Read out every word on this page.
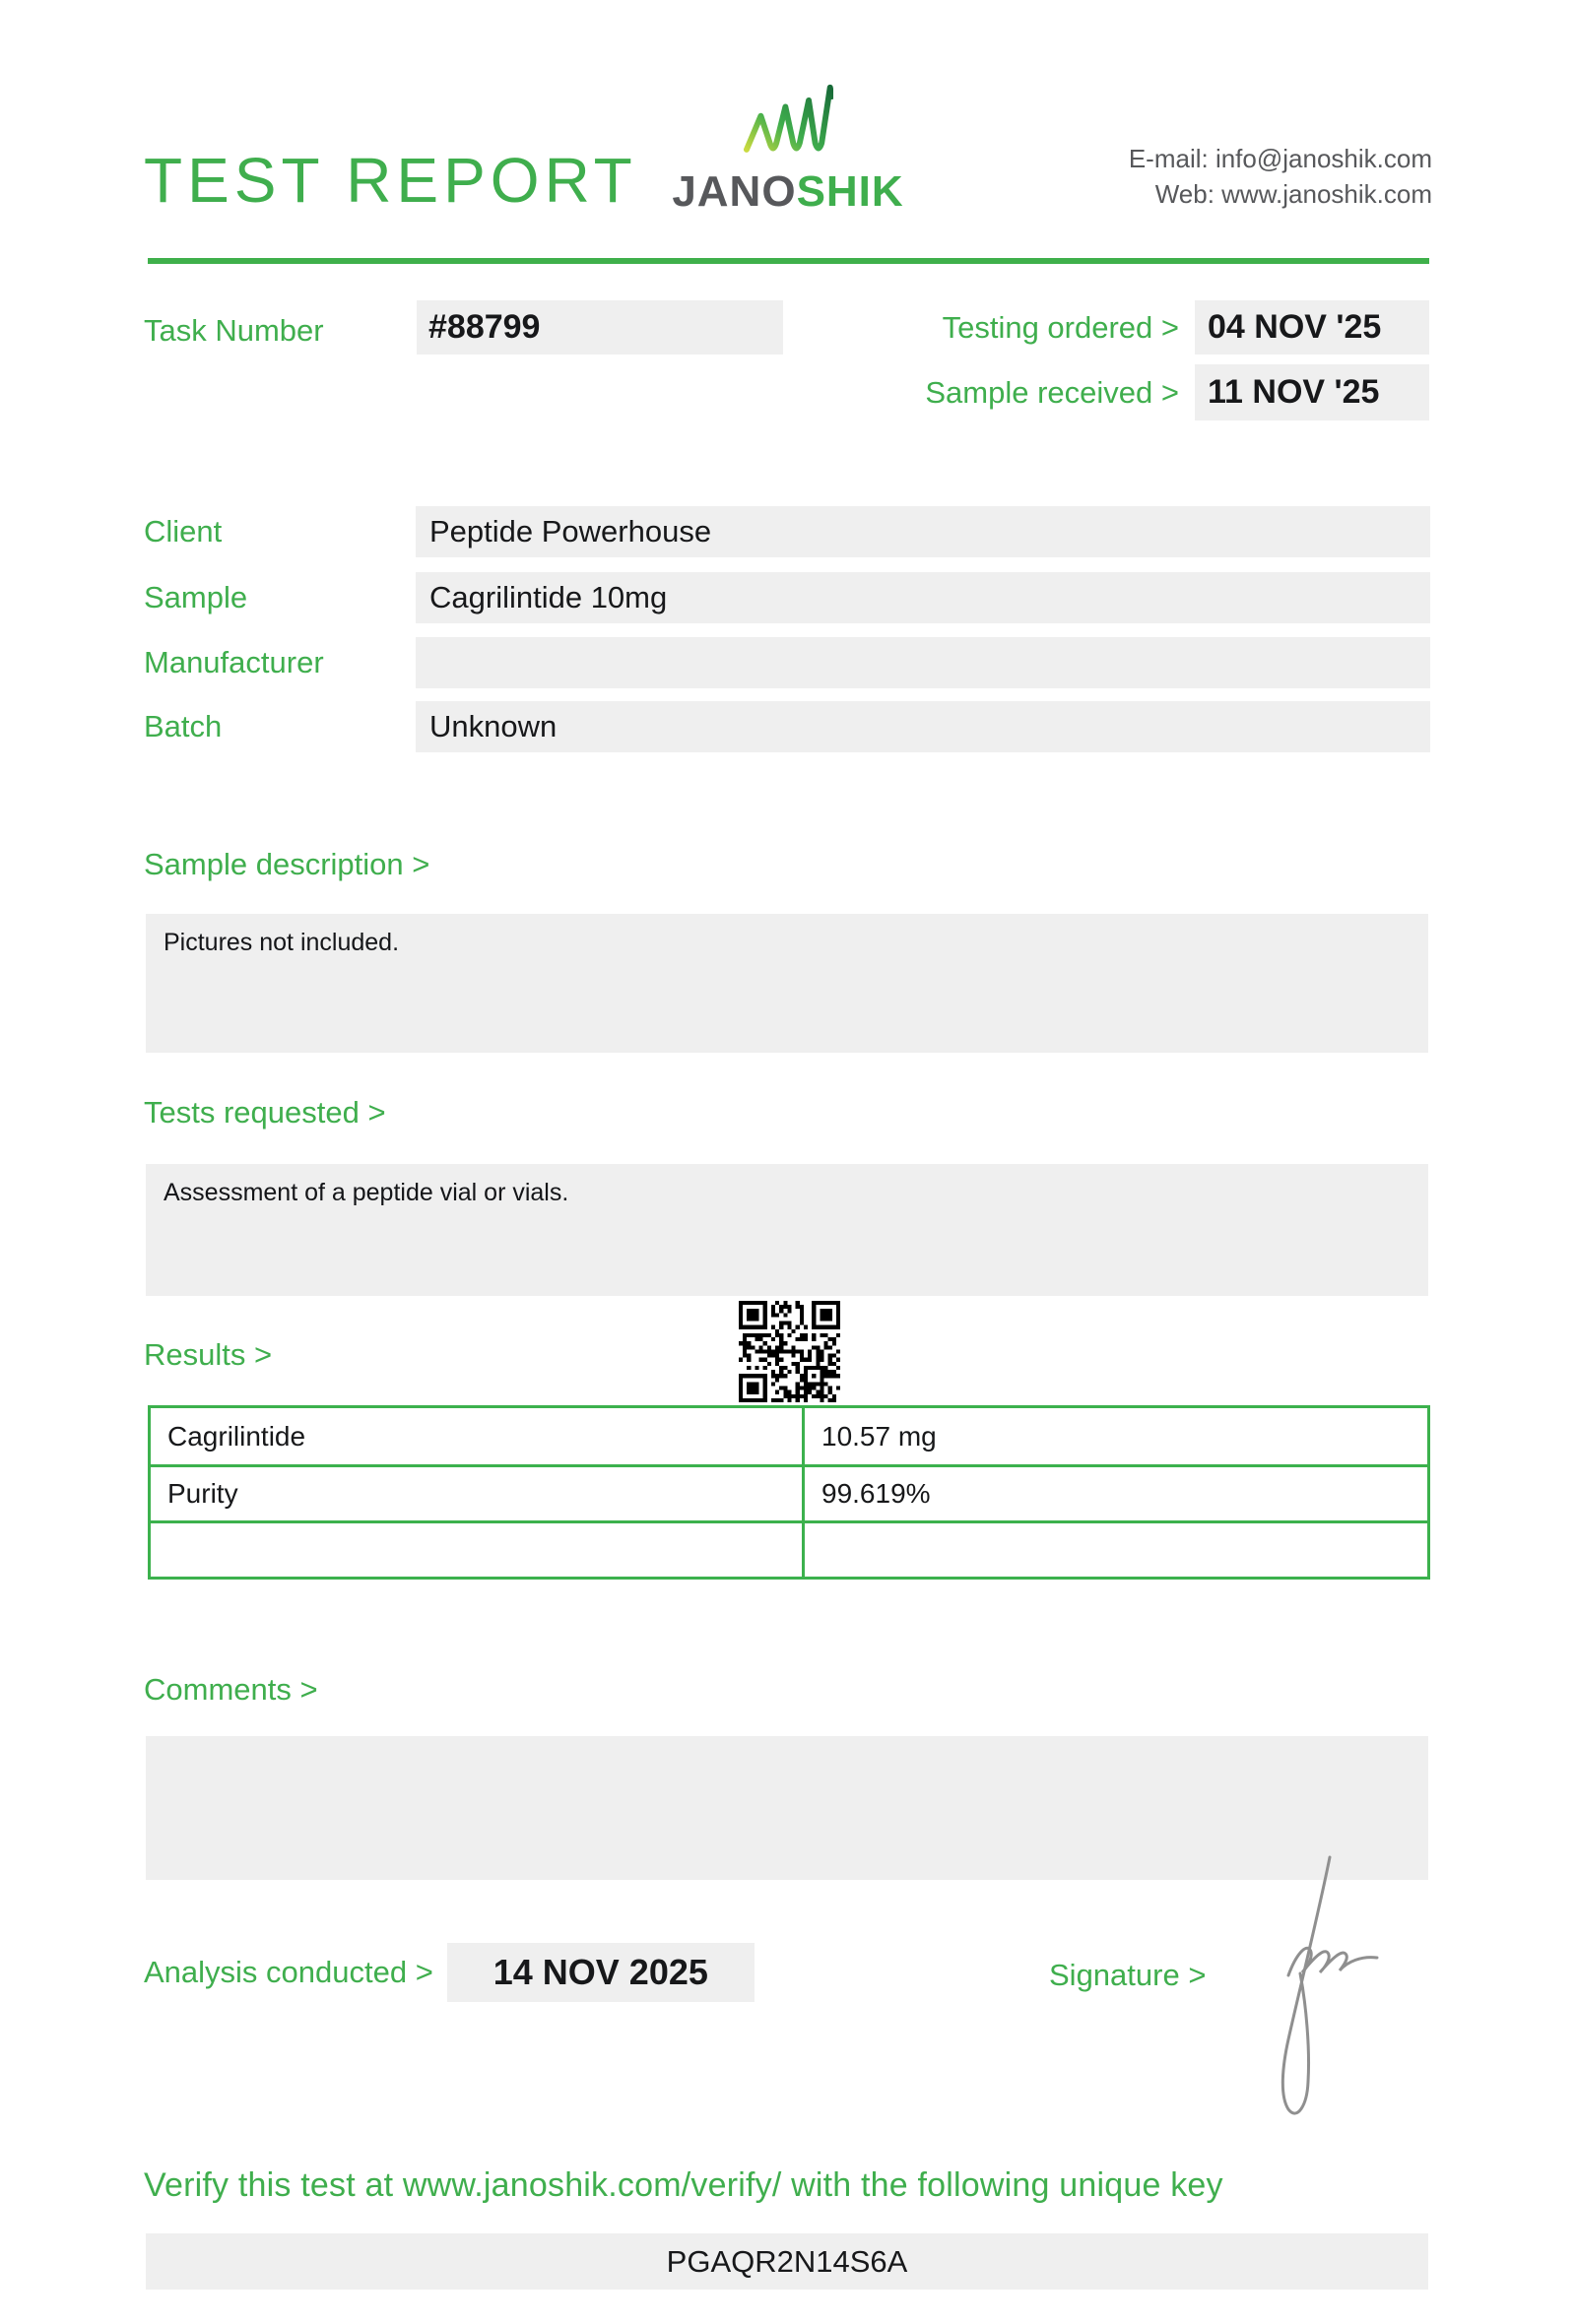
TEST REPORT JANOSHIK
E-mail: info@janoshik.com
Web: www.janoshik.com
Task Number	#88799	Testing ordered > 04 NOV '25
Sample received > 11 NOV '25
Client	Peptide Powerhouse
Sample	Cagrilintide 10mg
Manufacturer
Batch	Unknown
Sample description >
Pictures not included.
Tests requested >
Assessment of a peptide vial or vials.
Results >
Cagrilintide	10.57 mg
Purity	99.619%

Comments >
Analysis conducted >	14 NOV 2025	Signature >
Verify this test at www.janoshik.com/verify/ with the following unique key
PGAQR2N14S6A
